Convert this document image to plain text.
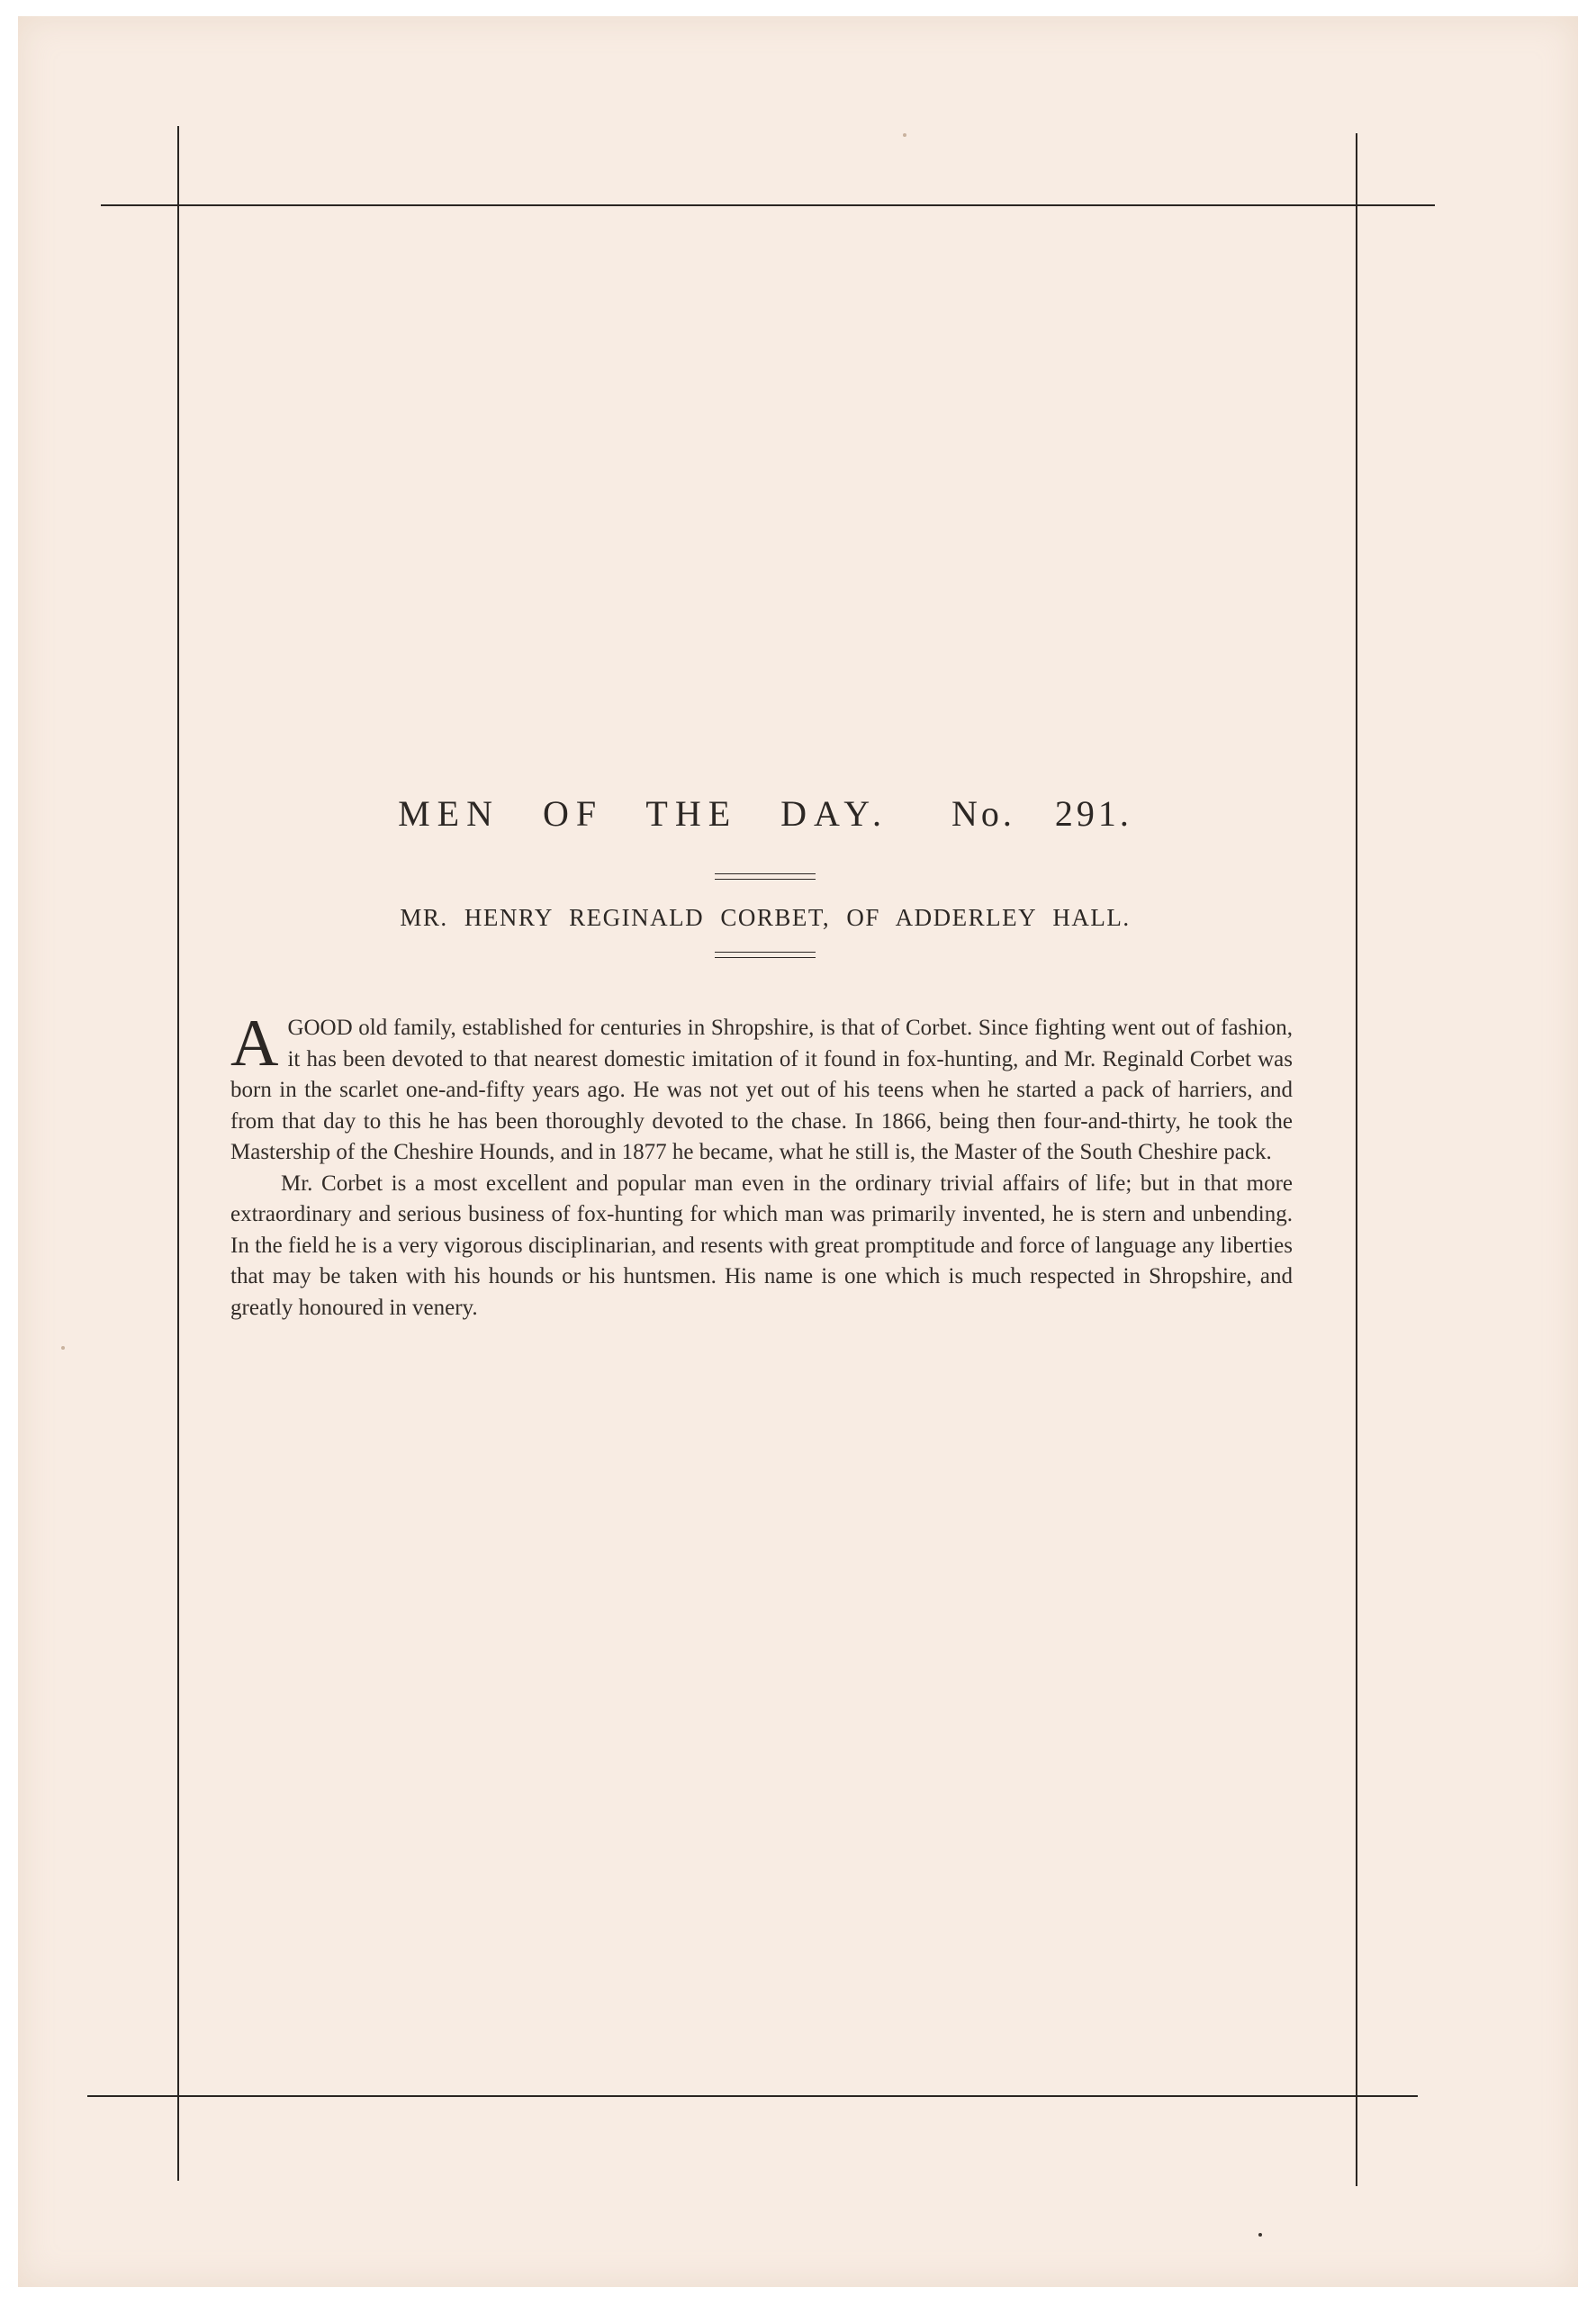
MEN OF THE DAY. No. 291.
MR. HENRY REGINALD CORBET, OF ADDERLEY HALL.

AGOOD old family, established for centuries in Shropshire, is that of Corbet. Since fighting went out of fashion, it has been devoted to that nearest domestic imitation of it found in fox-hunting, and Mr. Reginald Corbet was born in the scarlet one-and-fifty years ago. He was not yet out of his teens when he started a pack of harriers, and from that day to this he has been thoroughly devoted to the chase. In 1866, being then four-and-thirty, he took the Mastership of the Cheshire Hounds, and in 1877 he became, what he still is, the Master of the South Cheshire pack.

Mr. Corbet is a most excellent and popular man even in the ordinary trivial affairs of life; but in that more extraordinary and serious business of fox-hunting for which man was primarily invented, he is stern and unbending. In the field he is a very vigorous disciplinarian, and resents with great promptitude and force of language any liberties that may be taken with his hounds or his huntsmen. His name is one which is much respected in Shropshire, and greatly honoured in venery.
